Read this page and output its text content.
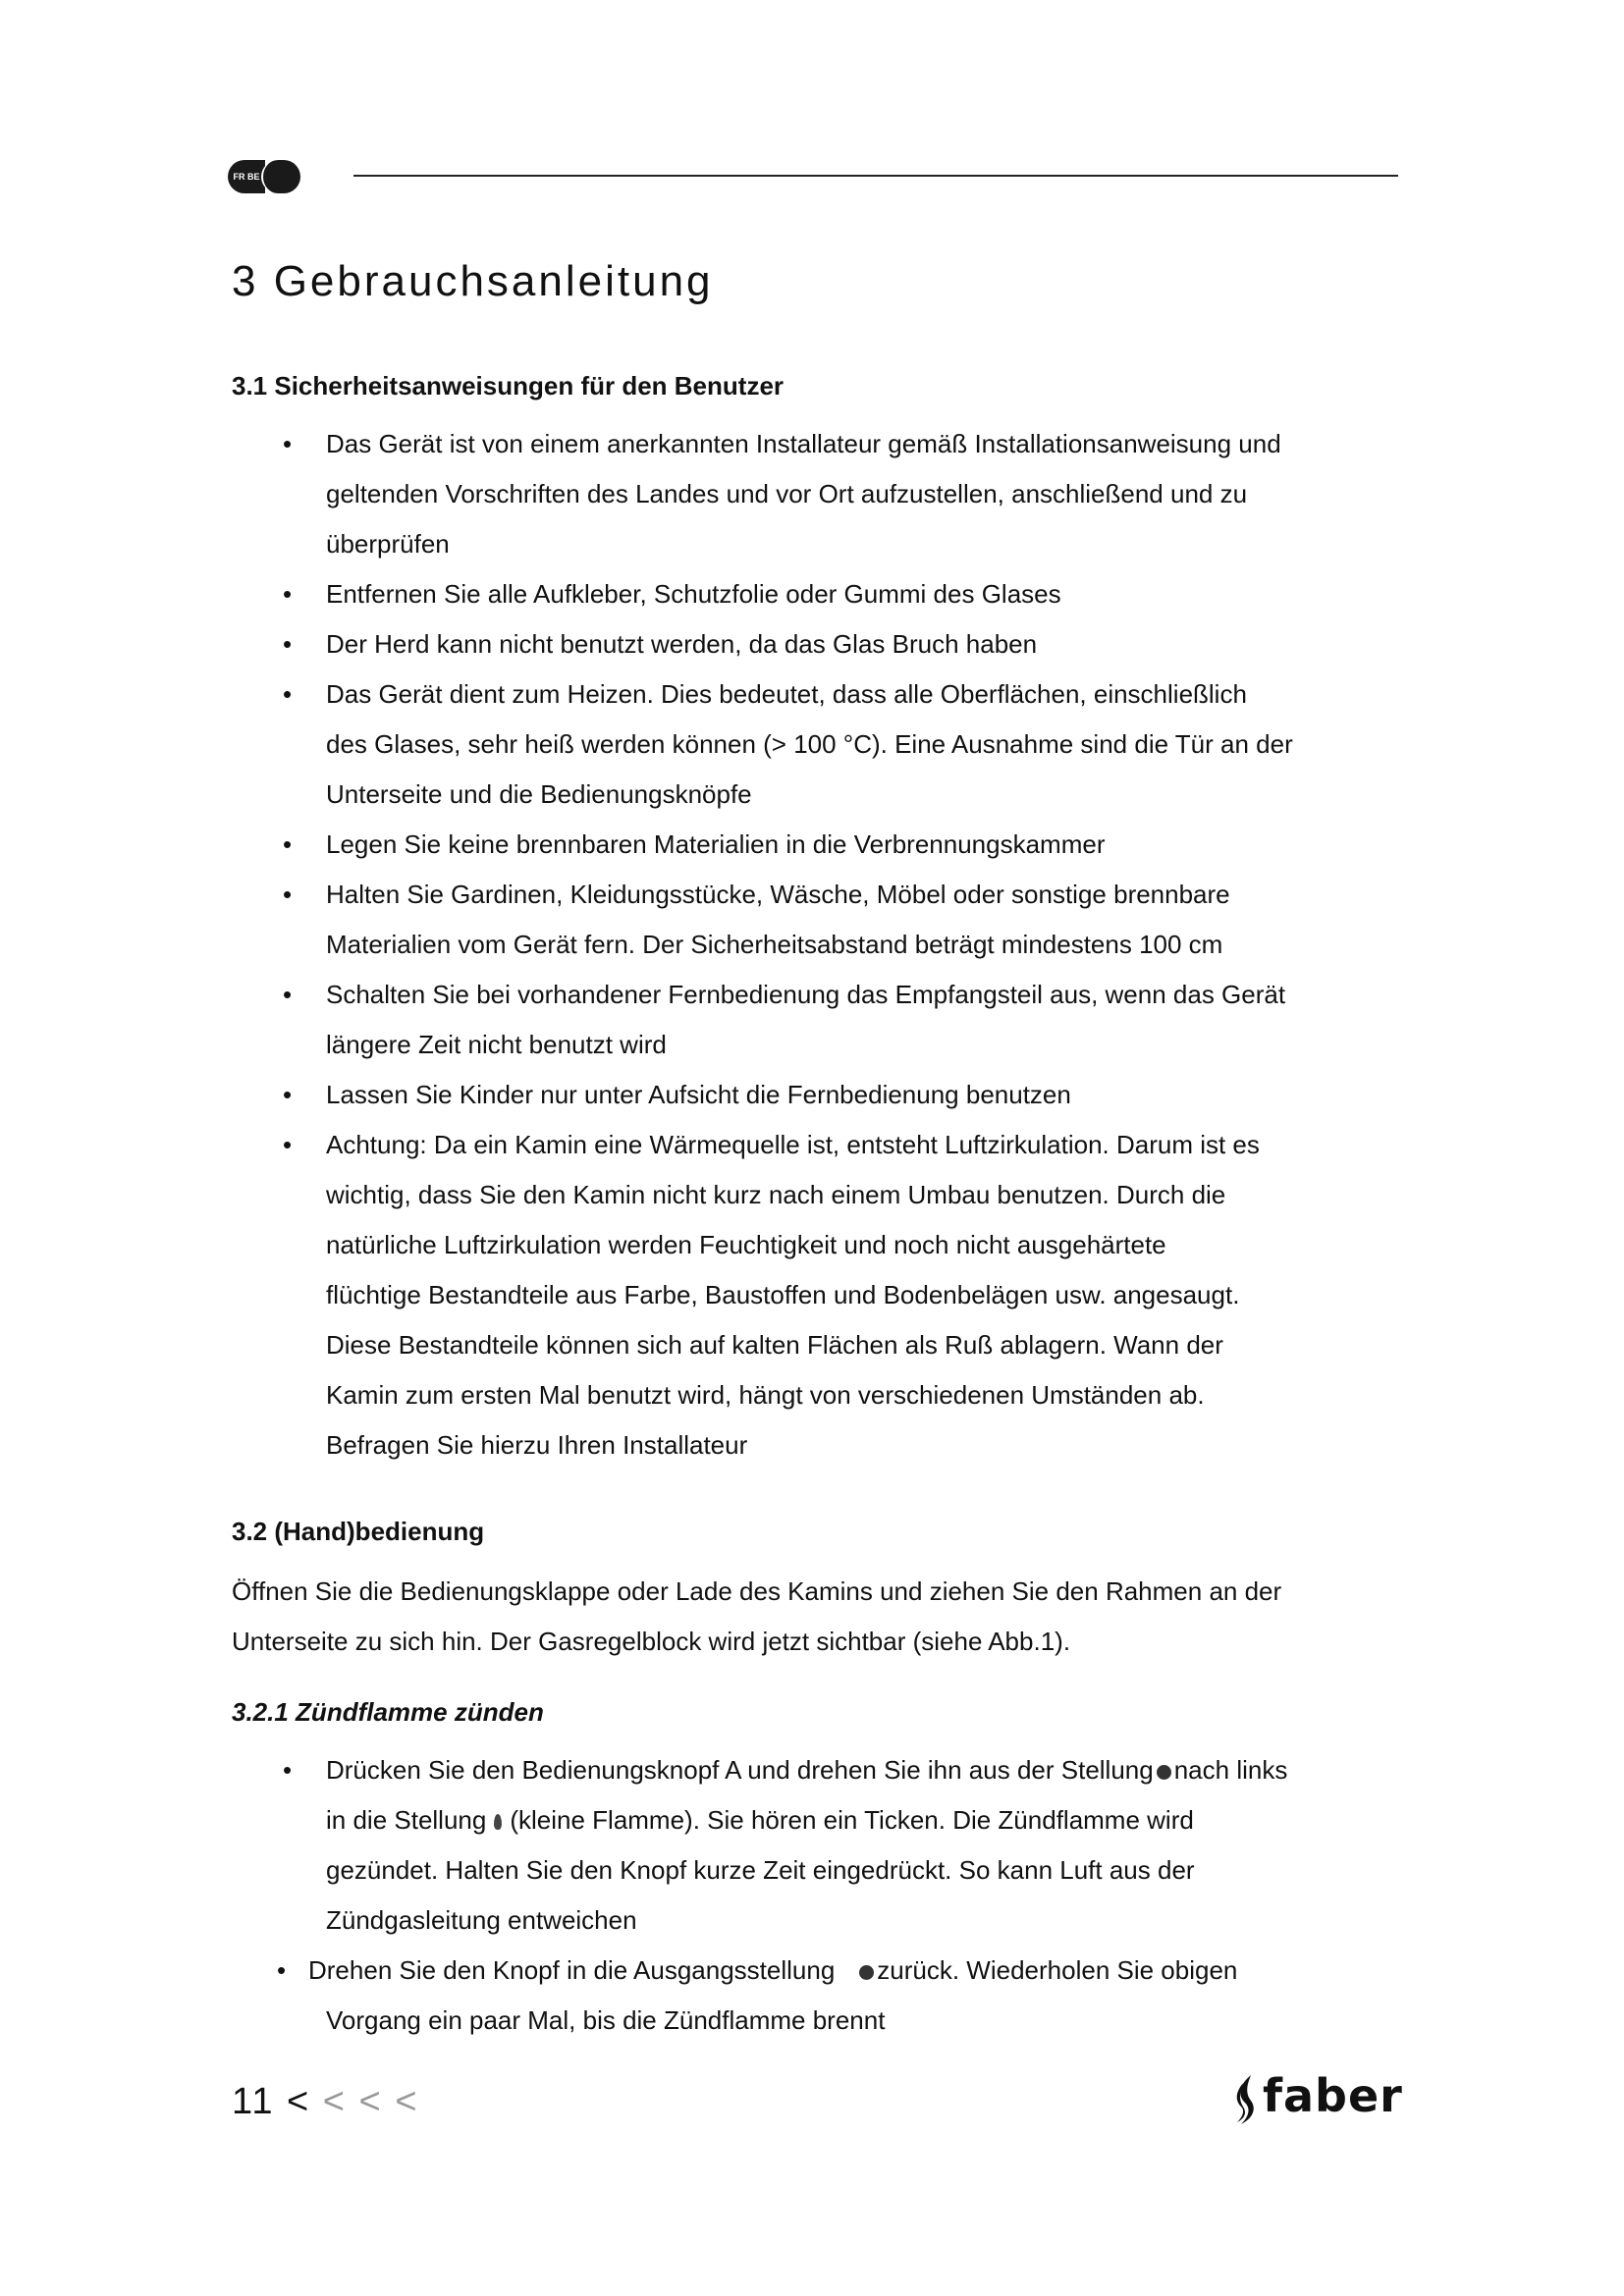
FR BE
3 Gebrauchsanleitung
3.1 Sicherheitsanweisungen für den Benutzer
• Das Gerät ist von einem anerkannten Installateur gemäß Installationsanweisung und
geltenden Vorschriften des Landes und vor Ort aufzustellen, anschließend und zu
überprüfen
• Entfernen Sie alle Aufkleber, Schutzfolie oder Gummi des Glases
• Der Herd kann nicht benutzt werden, da das Glas Bruch haben
• Das Gerät dient zum Heizen. Dies bedeutet, dass alle Oberflächen, einschließlich
des Glases, sehr heiß werden können (> 100 °C). Eine Ausnahme sind die Tür an der
Unterseite und die Bedienungsknöpfe
• Legen Sie keine brennbaren Materialien in die Verbrennungskammer
• Halten Sie Gardinen, Kleidungsstücke, Wäsche, Möbel oder sonstige brennbare
Materialien vom Gerät fern. Der Sicherheitsabstand beträgt mindestens 100 cm
• Schalten Sie bei vorhandener Fernbedienung das Empfangsteil aus, wenn das Gerät
längere Zeit nicht benutzt wird
• Lassen Sie Kinder nur unter Aufsicht die Fernbedienung benutzen
• Achtung: Da ein Kamin eine Wärmequelle ist, entsteht Luftzirkulation. Darum ist es
wichtig, dass Sie den Kamin nicht kurz nach einem Umbau benutzen. Durch die
natürliche Luftzirkulation werden Feuchtigkeit und noch nicht ausgehärtete
flüchtige Bestandteile aus Farbe, Baustoffen und Bodenbelägen usw. angesaugt.
Diese Bestandteile können sich auf kalten Flächen als Ruß ablagern. Wann der
Kamin zum ersten Mal benutzt wird, hängt von verschiedenen Umständen ab.
Befragen Sie hierzu Ihren Installateur
3.2 (Hand)bedienung
Öffnen Sie die Bedienungsklappe oder Lade des Kamins und ziehen Sie den Rahmen an der
Unterseite zu sich hin. Der Gasregelblock wird jetzt sichtbar (siehe Abb.1).
3.2.1 Zündflamme zünden
• Drücken Sie den Bedienungsknopf A und drehen Sie ihn aus der Stellung nach links
in die Stellung (kleine Flamme). Sie hören ein Ticken. Die Zündflamme wird
gezündet. Halten Sie den Knopf kurze Zeit eingedrückt. So kann Luft aus der
Zündgasleitung entweichen
• Drehen Sie den Knopf in die Ausgangsstellung zurück. Wiederholen Sie obigen
Vorgang ein paar Mal, bis die Zündflamme brennt
11 < < < <	faber
